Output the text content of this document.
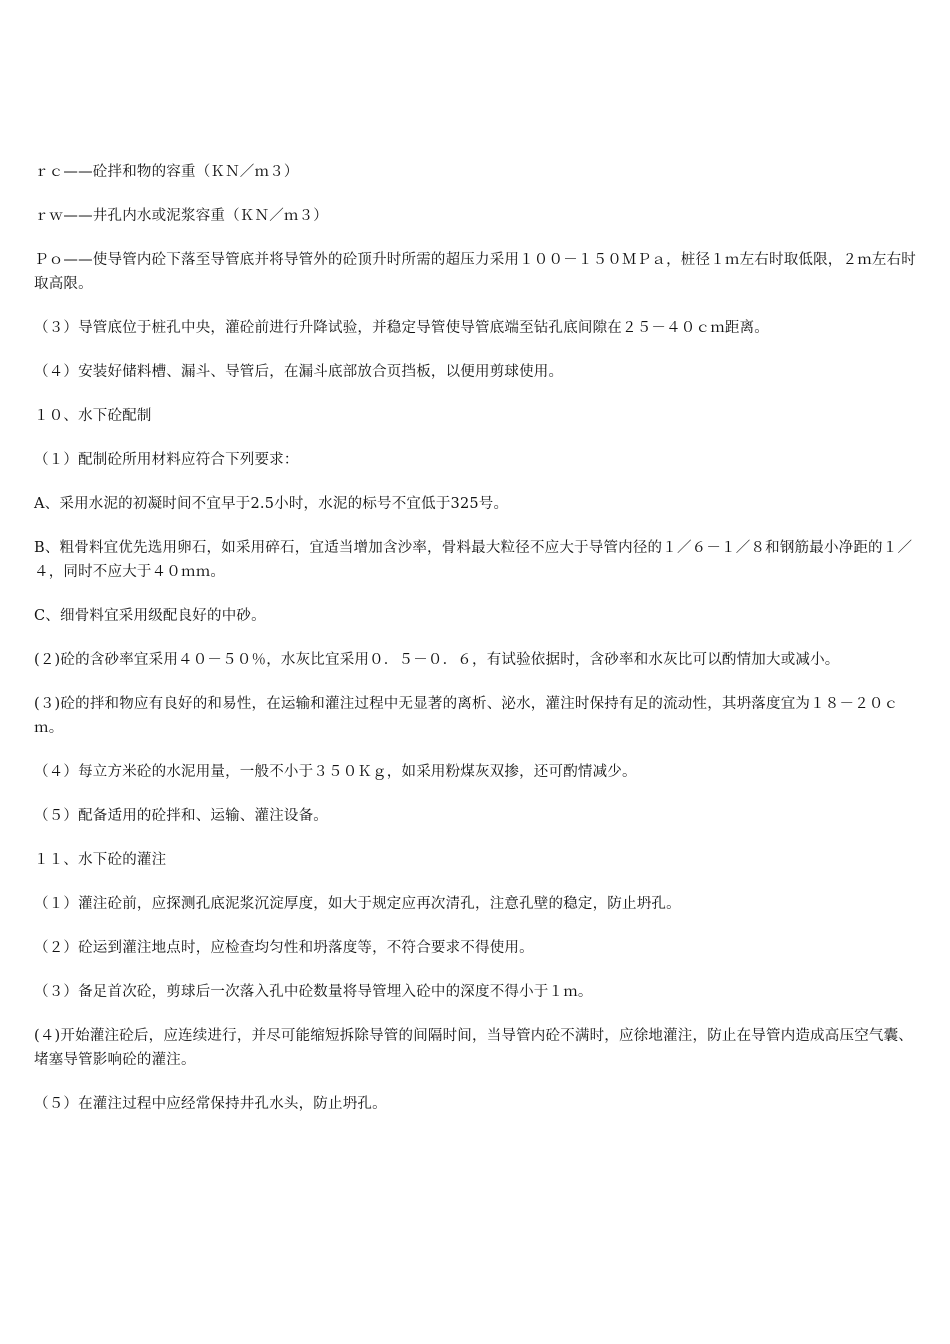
ｒｃ——砼拌和物的容重（ＫＮ／ｍ３）

ｒｗ——井孔内水或泥浆容重（ＫＮ／ｍ３）

Ｐｏ——使导管内砼下落至导管底并将导管外的砼顶升时所需的超压力采用１００－１５０ＭＰａ，桩径１ｍ左右时取低限，２ｍ左右时取高限。

（３）导管底位于桩孔中央，灌砼前进行升降试验，并稳定导管使导管底端至钻孔底间隙在２５－４０ｃｍ距离。

（４）安装好储料槽、漏斗、导管后，在漏斗底部放合页挡板，以便用剪球使用。

１０、水下砼配制

（１）配制砼所用材料应符合下列要求：

A、采用水泥的初凝时间不宜早于2.5小时，水泥的标号不宜低于325号。

B、粗骨料宜优先选用卵石，如采用碎石，宜适当增加含沙率，骨料最大粒径不应大于导管内径的１／６－１／８和钢筋最小净距的１／４，同时不应大于４０ｍｍ。

C、细骨料宜采用级配良好的中砂。

(２)砼的含砂率宜采用４０－５０％，水灰比宜采用０．５－０．６，有试验依据时，含砂率和水灰比可以酌情加大或减小。

(３)砼的拌和物应有良好的和易性，在运输和灌注过程中无显著的离析、泌水，灌注时保持有足的流动性，其坍落度宜为１８－２０ｃｍ。

（４）每立方米砼的水泥用量，一般不小于３５０Ｋｇ，如采用粉煤灰双掺，还可酌情减少。

（５）配备适用的砼拌和、运输、灌注设备。

１１、水下砼的灌注

（１）灌注砼前，应探测孔底泥浆沉淀厚度，如大于规定应再次清孔，注意孔壁的稳定，防止坍孔。

（２）砼运到灌注地点时，应检查均匀性和坍落度等，不符合要求不得使用。

（３）备足首次砼，剪球后一次落入孔中砼数量将导管埋入砼中的深度不得小于１ｍ。

(４)开始灌注砼后，应连续进行，并尽可能缩短拆除导管的间隔时间，当导管内砼不满时，应徐地灌注，防止在导管内造成高压空气囊、堵塞导管影响砼的灌注。

（５）在灌注过程中应经常保持井孔水头，防止坍孔。
